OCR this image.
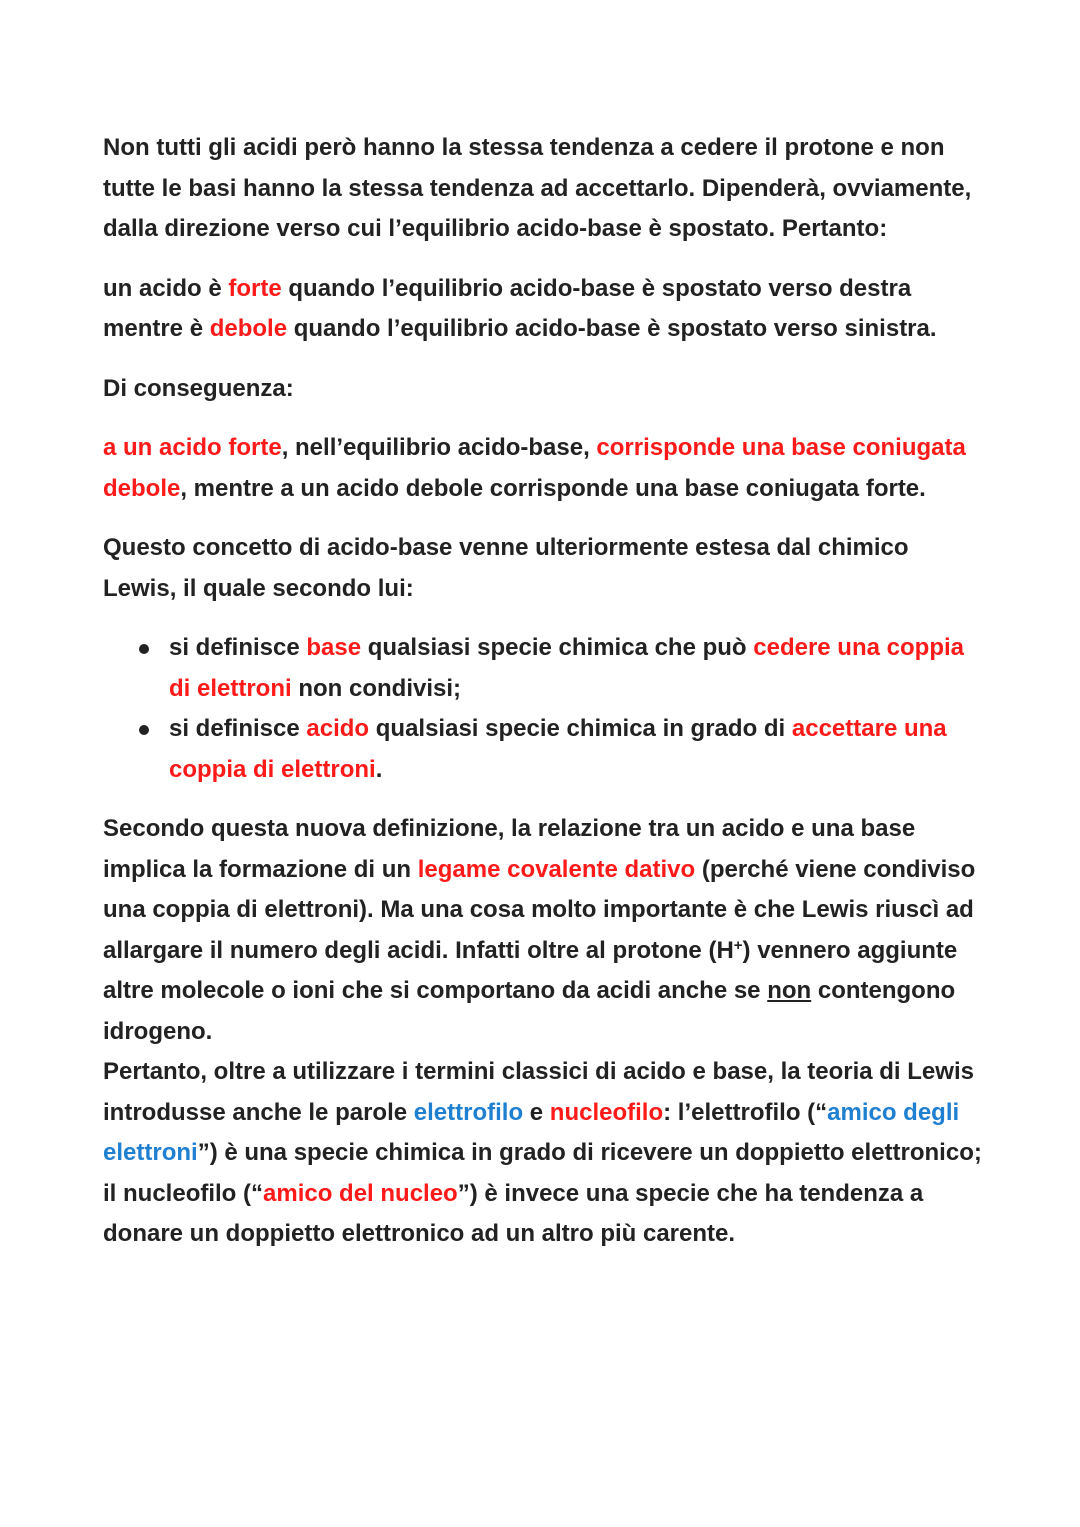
Non tutti gli acidi però hanno la stessa tendenza a cedere il protone e non tutte le basi hanno la stessa tendenza ad accettarlo. Dipenderà, ovviamente, dalla direzione verso cui l’equilibrio acido-base è spostato. Pertanto:

un acido è forte quando l’equilibrio acido-base è spostato verso destra mentre è debole quando l’equilibrio acido-base è spostato verso sinistra.

Di conseguenza:

a un acido forte, nell’equilibrio acido-base, corrisponde una base coniugata debole, mentre a un acido debole corrisponde una base coniugata forte.

Questo concetto di acido-base venne ulteriormente estesa dal chimico Lewis, il quale secondo lui:

si definisce base qualsiasi specie chimica che può cedere una coppia di elettroni non condivisi;
si definisce acido qualsiasi specie chimica in grado di accettare una coppia di elettroni.

Secondo questa nuova definizione, la relazione tra un acido e una base implica la formazione di un legame covalente dativo (perché viene condiviso una coppia di elettroni). Ma una cosa molto importante è che Lewis riuscì ad allargare il numero degli acidi. Infatti oltre al protone (H+) vennero aggiunte altre molecole o ioni che si comportano da acidi anche se non contengono idrogeno.

Pertanto, oltre a utilizzare i termini classici di acido e base, la teoria di Lewis introdusse anche le parole elettrofilo e nucleofilo: l’elettrofilo (“amico degli elettroni”) è una specie chimica in grado di ricevere un doppietto elettronico; il nucleofilo (“amico del nucleo”) è invece una specie che ha tendenza a donare un doppietto elettronico ad un altro più carente.
